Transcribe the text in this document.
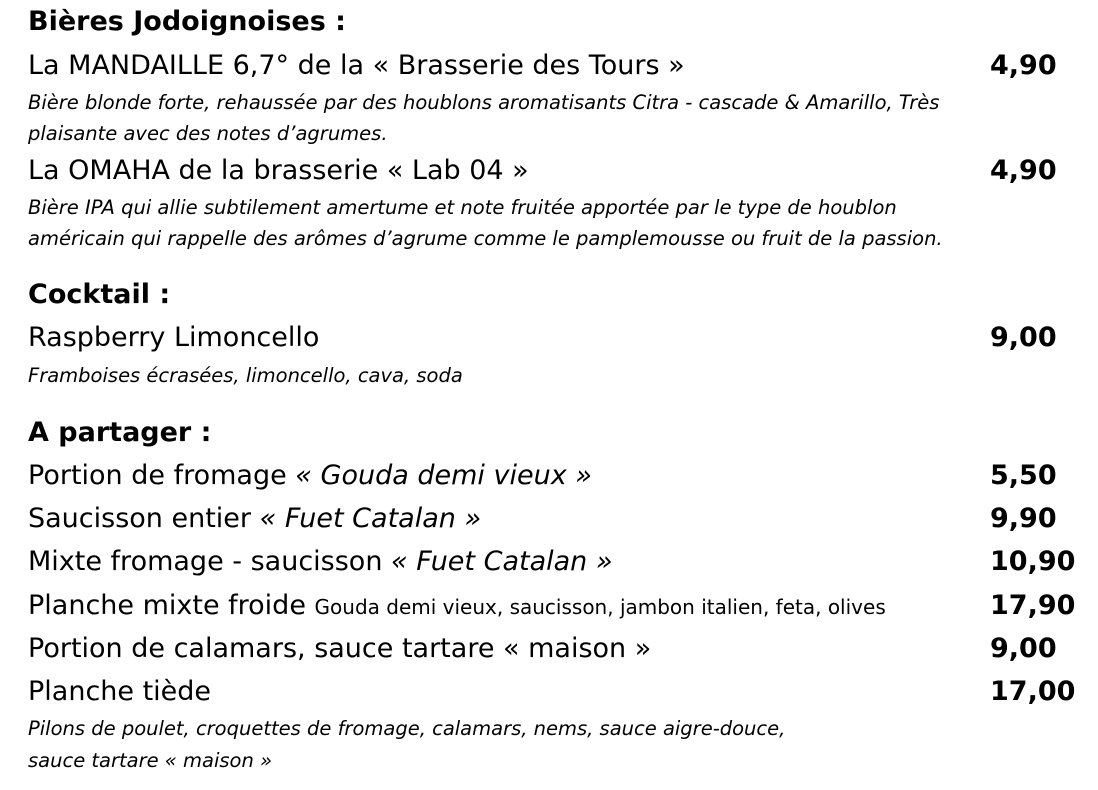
Bières Jodoignoises :
La MANDAILLE 6,7° de la « Brasserie des Tours »	4,90
Bière blonde forte, rehaussée par des houblons aromatisants Citra - cascade & Amarillo, Très
plaisante avec des notes d’agrumes.
La OMAHA de la brasserie « Lab 04 »	4,90
Bière IPA qui allie subtilement amertume et note fruitée apportée par le type de houblon
américain qui rappelle des arômes d’agrume comme le pamplemousse ou fruit de la passion.
Cocktail :
Raspberry Limoncello	9,00
Framboises écrasées, limoncello, cava, soda
A partager :
Portion de fromage « Gouda demi vieux »	5,50
Saucisson entier « Fuet Catalan »	9,90
Mixte fromage - saucisson « Fuet Catalan »	10,90
Planche mixte froide Gouda demi vieux, saucisson, jambon italien, feta, olives	17,90
Portion de calamars, sauce tartare « maison »	9,00
Planche tiède	17,00
Pilons de poulet, croquettes de fromage, calamars, nems, sauce aigre-douce,
sauce tartare « maison »
